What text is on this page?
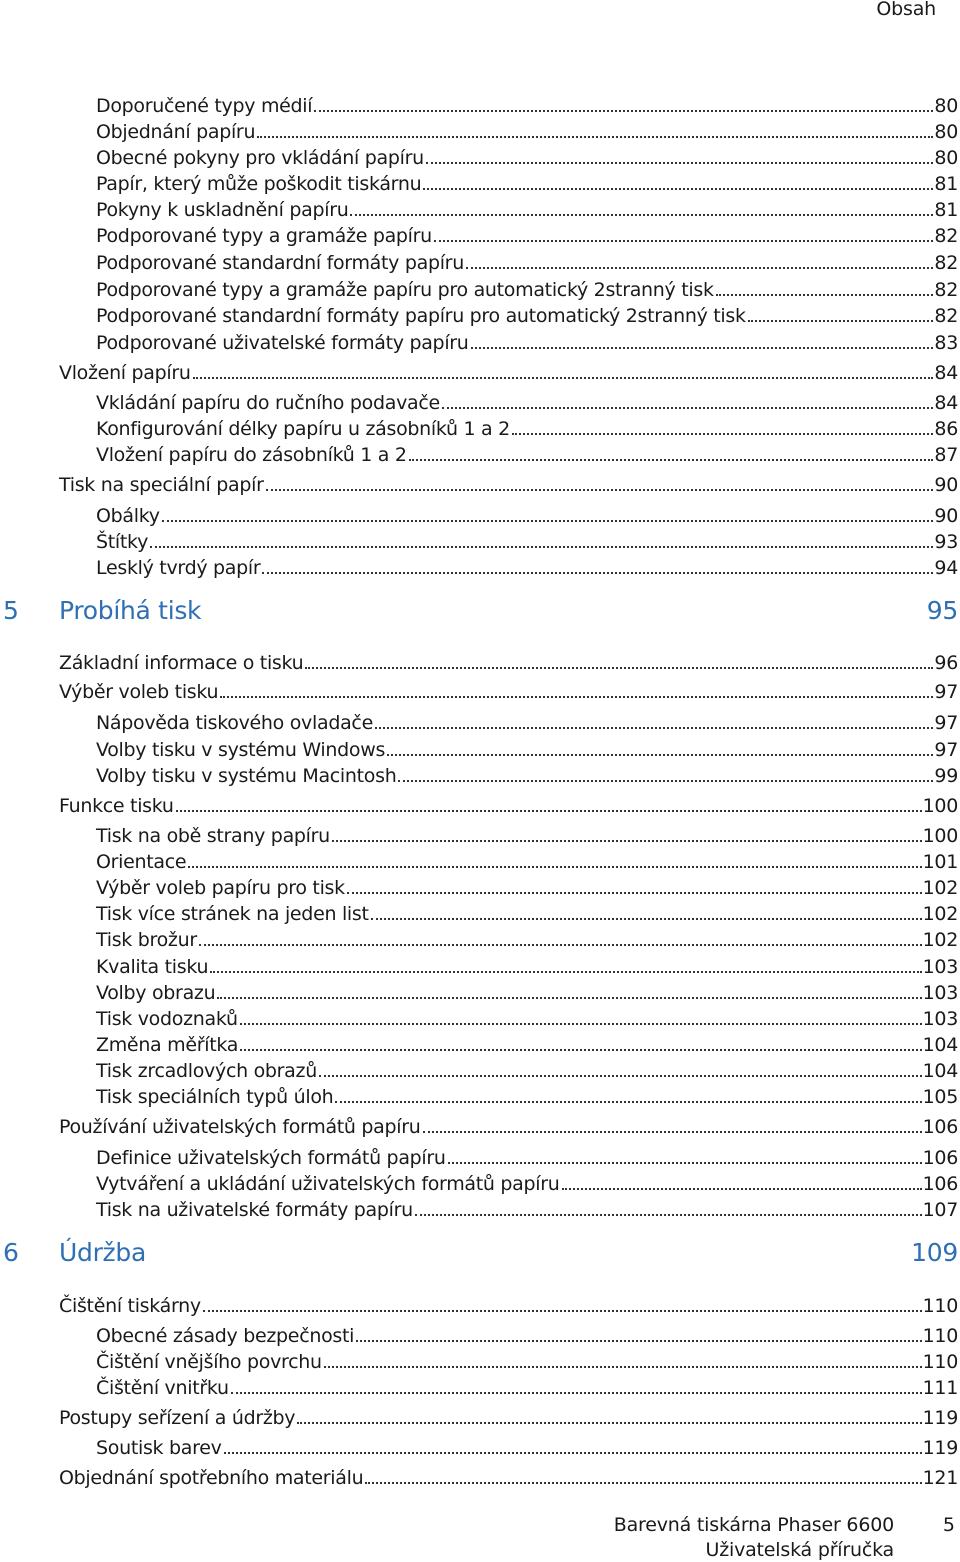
Obsah
Doporučené typy médií	80
Objednání papíru	80
Obecné pokyny pro vkládání papíru	80
Papír, který může poškodit tiskárnu	81
Pokyny k uskladnění papíru	81
Podporované typy a gramáže papíru	82
Podporované standardní formáty papíru	82
Podporované typy a gramáže papíru pro automatický 2stranný tisk	82
Podporované standardní formáty papíru pro automatický 2stranný tisk	82
Podporované uživatelské formáty papíru	83
Vložení papíru	84
Vkládání papíru do ručního podavače	84
Konfigurování délky papíru u zásobníků 1 a 2	86
Vložení papíru do zásobníků 1 a 2	87
Tisk na speciální papír	90
Obálky	90
Štítky	93
Lesklý tvrdý papír	94
5 Probíhá tisk	95
Základní informace o tisku	96
Výběr voleb tisku	97
Nápověda tiskového ovladače	97
Volby tisku v systému Windows	97
Volby tisku v systému Macintosh	99
Funkce tisku	100
Tisk na obě strany papíru	100
Orientace	101
Výběr voleb papíru pro tisk	102
Tisk více stránek na jeden list	102
Tisk brožur	102
Kvalita tisku	103
Volby obrazu	103
Tisk vodoznaků	103
Změna měřítka	104
Tisk zrcadlových obrazů	104
Tisk speciálních typů úloh	105
Používání uživatelských formátů papíru	106
Definice uživatelských formátů papíru	106
Vytváření a ukládání uživatelských formátů papíru	106
Tisk na uživatelské formáty papíru	107
6 Údržba	109
Čištění tiskárny	110
Obecné zásady bezpečnosti	110
Čištění vnějšího povrchu	110
Čištění vnitřku	111
Postupy seřízení a údržby	119
Soutisk barev	119
Objednání spotřebního materiálu	121
Barevná tiskárna Phaser 6600
Uživatelská příručka
5
